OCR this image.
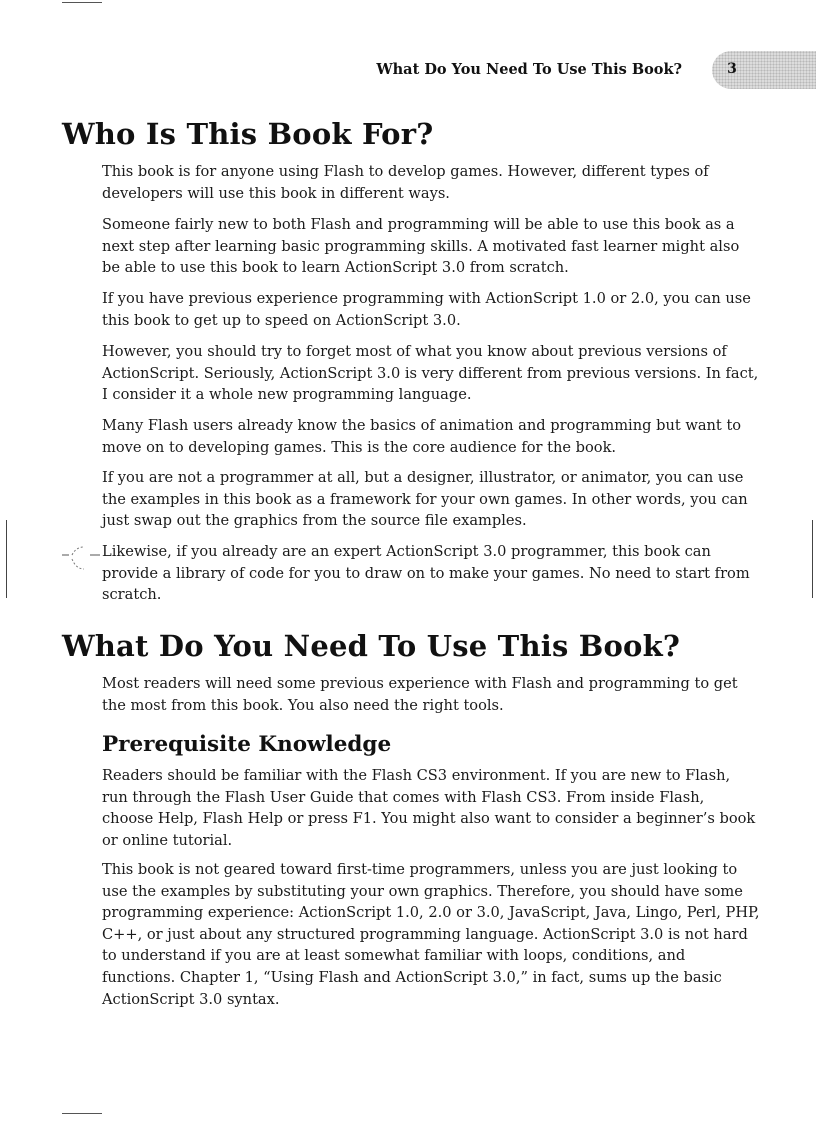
What Do You Need To Use This Book?	3
Who Is This Book For?

This book is for anyone using Flash to develop games. However, different types of developers will use this book in different ways.

Someone fairly new to both Flash and programming will be able to use this book as a next step after learning basic programming skills. A motivated fast learner might also be able to use this book to learn ActionScript 3.0 from scratch.

If you have previous experience programming with ActionScript 1.0 or 2.0, you can use this book to get up to speed on ActionScript 3.0.

However, you should try to forget most of what you know about previous versions of ActionScript. Seriously, ActionScript 3.0 is very different from previous versions. In fact, I consider it a whole new programming language.

Many Flash users already know the basics of animation and programming but want to move on to developing games. This is the core audience for the book.

If you are not a programmer at all, but a designer, illustrator, or animator, you can use the examples in this book as a framework for your own games. In other words, you can just swap out the graphics from the source file examples.

Likewise, if you already are an expert ActionScript 3.0 programmer, this book can provide a library of code for you to draw on to make your games. No need to start from scratch.

What Do You Need To Use This Book?

Most readers will need some previous experience with Flash and programming to get the most from this book. You also need the right tools.

Prerequisite Knowledge

Readers should be familiar with the Flash CS3 environment. If you are new to Flash, run through the Flash User Guide that comes with Flash CS3. From inside Flash, choose Help, Flash Help or press F1. You might also want to consider a beginner’s book or online tutorial.

This book is not geared toward first-time programmers, unless you are just looking to use the examples by substituting your own graphics. Therefore, you should have some programming experience: ActionScript 1.0, 2.0 or 3.0, JavaScript, Java, Lingo, Perl, PHP, C++, or just about any structured programming language. ActionScript 3.0 is not hard to understand if you are at least somewhat familiar with loops, conditions, and functions. Chapter 1, “Using Flash and ActionScript 3.0,” in fact, sums up the basic ActionScript 3.0 syntax.
